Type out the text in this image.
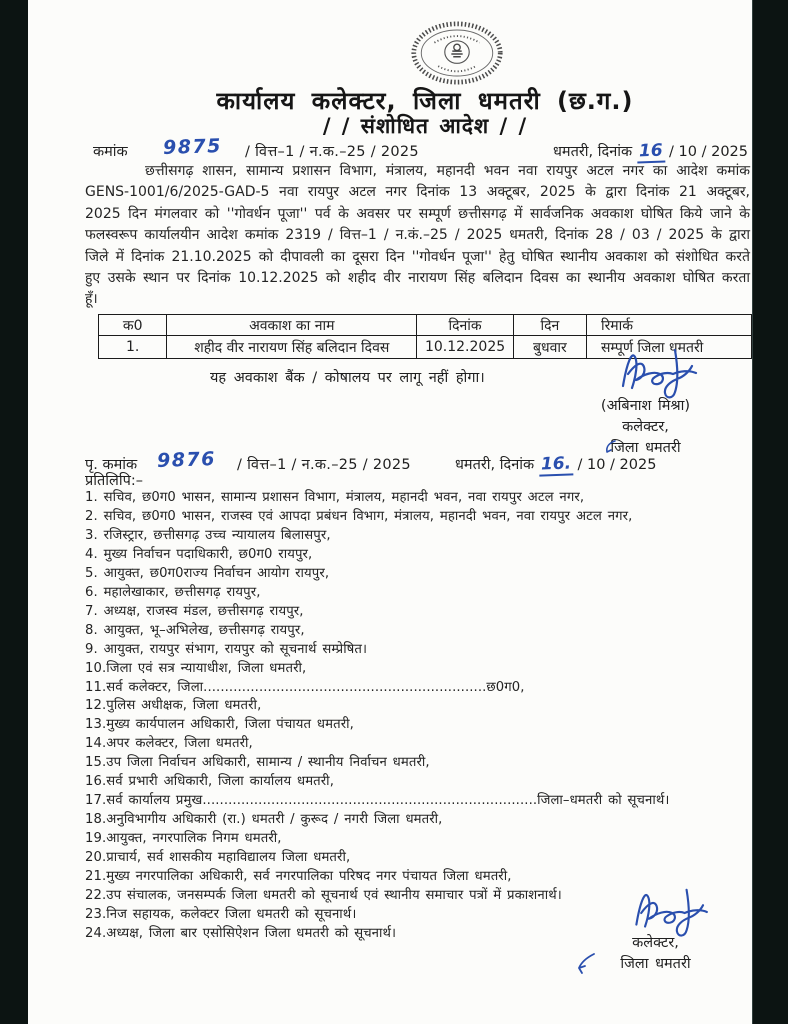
कार्यालय कलेक्टर, जिला धमतरी (छ.ग.)
/ / संशोधित आदेश / /
कमांक 9875 / वित्त–1 / न.क.–25 / 2025	धमतरी, दिनांक 16 / 10 / 2025
छत्तीसगढ़ शासन, सामान्य प्रशासन विभाग, मंत्रालय, महानदी भवन नवा रायपुर अटल नगर का आदेश कमांक GENS-1001/6/2025-GAD-5 नवा रायपुर अटल नगर दिनांक 13 अक्टूबर, 2025 के द्वारा दिनांक 21 अक्टूबर, 2025 दिन मंगलवार को ''गोवर्धन पूजा'' पर्व के अवसर पर सम्पूर्ण छत्तीसगढ़ में सार्वजनिक अवकाश घोषित किये जाने के फलस्वरूप कार्यालयीन आदेश कमांक 2319 / वित्त–1 / न.कं.–25 / 2025 धमतरी, दिनांक 28 / 03 / 2025 के द्वारा जिले में दिनांक 21.10.2025 को दीपावली का दूसरा दिन ''गोवर्धन पूजा'' हेतु घोषित स्थानीय अवकाश को संशोधित करते हुए उसके स्थान पर दिनांक 10.12.2025 को शहीद वीर नारायण सिंह बलिदान दिवस का स्थानीय अवकाश घोषित करता हूँ।
क0	अवकाश का नाम	दिनांक	दिन	रिमार्क
1.	शहीद वीर नारायण सिंह बलिदान दिवस	10.12.2025	बुधवार	सम्पूर्ण जिला धमतरी
यह अवकाश बैंक / कोषालय पर लागू नहीं होगा।
(अबिनाश मिश्रा)
कलेक्टर,
जिला धमतरी
पृ. कमांक 9876 / वित्त–1 / न.क.–25 / 2025	धमतरी, दिनांक 16. / 10 / 2025
प्रतिलिपि:–
1. सचिव, छ0ग0 भासन, सामान्य प्रशासन विभाग, मंत्रालय, महानदी भवन, नवा रायपुर अटल नगर,
2. सचिव, छ0ग0 भासन, राजस्व एवं आपदा प्रबंधन विभाग, मंत्रालय, महानदी भवन, नवा रायपुर अटल नगर,
3. रजिस्ट्रार, छत्तीसगढ़ उच्च न्यायालय बिलासपुर,
4. मुख्य निर्वाचन पदाधिकारी, छ0ग0 रायपुर,
5. आयुक्त, छ0ग0राज्य निर्वाचन आयोग रायपुर,
6. महालेखाकार, छत्तीसगढ़ रायपुर,
7. अध्यक्ष, राजस्व मंडल, छत्तीसगढ़ रायपुर,
8. आयुक्त, भू–अभिलेख, छत्तीसगढ़ रायपुर,
9. आयुक्त, रायपुर संभाग, रायपुर को सूचनार्थ सम्प्रेषित।
10.जिला एवं सत्र न्यायाधीश, जिला धमतरी,
11.सर्व कलेक्टर, जिला..................................................................छ0ग0,
12.पुलिस अधीक्षक, जिला धमतरी,
13.मुख्य कार्यपालन अधिकारी, जिला पंचायत धमतरी,
14.अपर कलेक्टर, जिला धमतरी,
15.उप जिला निर्वाचन अधिकारी, सामान्य / स्थानीय निर्वाचन धमतरी,
16.सर्व प्रभारी अधिकारी, जिला कार्यालय धमतरी,
17.सर्व कार्यालय प्रमुख..............................................................................जिला–धमतरी को सूचनार्थ।
18.अनुविभागीय अधिकारी (रा.) धमतरी / कुरूद / नगरी जिला धमतरी,
19.आयुक्त, नगरपालिक निगम धमतरी,
20.प्राचार्य, सर्व शासकीय महाविद्यालय जिला धमतरी,
21.मुख्य नगरपालिका अधिकारी, सर्व नगरपालिका परिषद नगर पंचायत जिला धमतरी,
22.उप संचालक, जनसम्पर्क जिला धमतरी को सूचनार्थ एवं स्थानीय समाचार पत्रों में प्रकाशनार्थ।
23.निज सहायक, कलेक्टर जिला धमतरी को सूचनार्थ।
24.अध्यक्ष, जिला बार एसोसिऐशन जिला धमतरी को सूचनार्थ।
कलेक्टर,
जिला धमतरी
